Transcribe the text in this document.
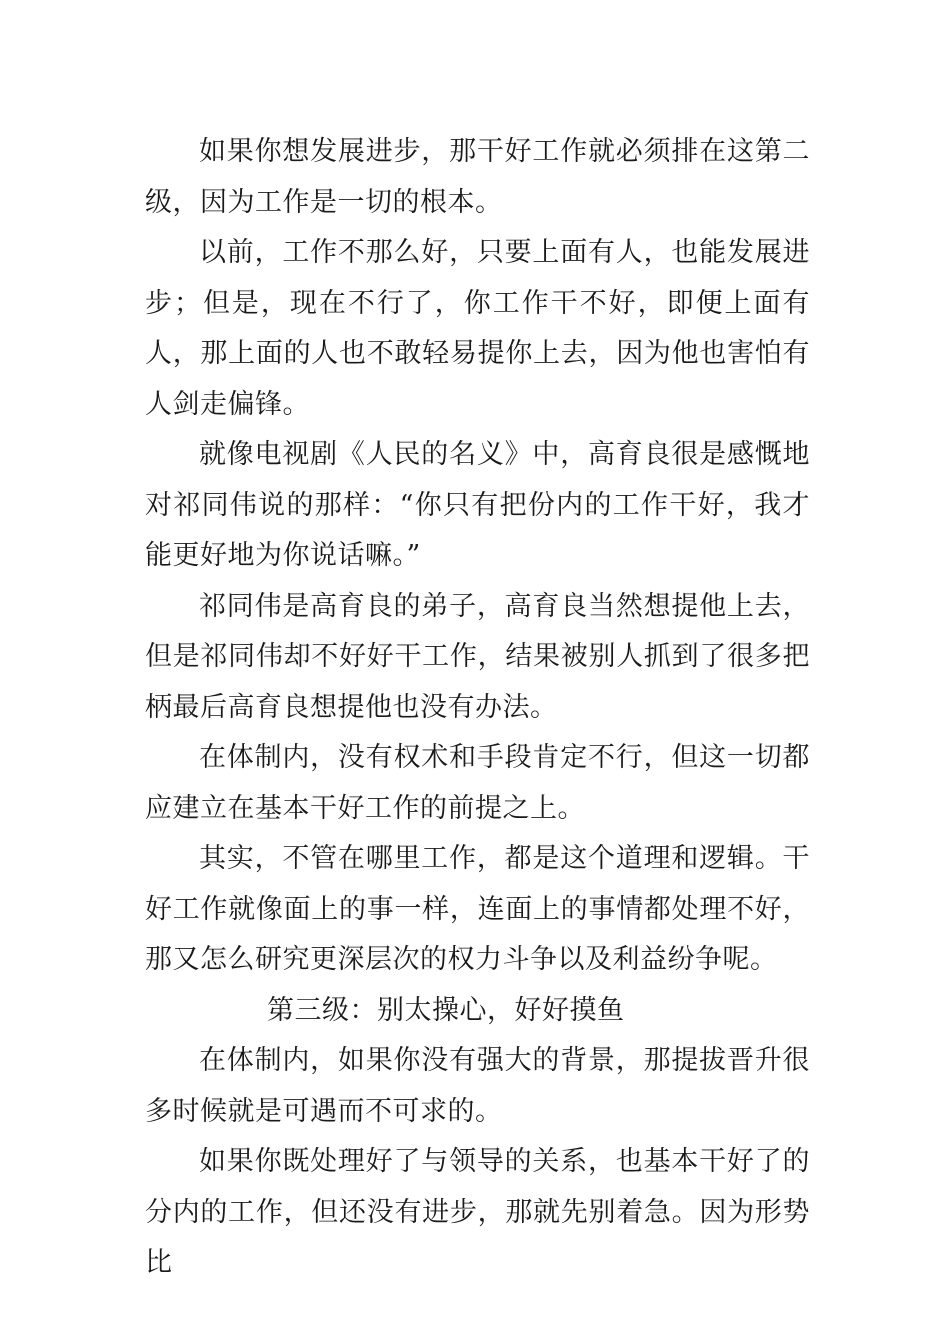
如果你想发展进步，那干好工作就必须排在这第二级，因为工作是一切的根本。

以前，工作不那么好，只要上面有人，也能发展进步；但是，现在不行了，你工作干不好，即便上面有人，那上面的人也不敢轻易提你上去，因为他也害怕有人剑走偏锋。

就像电视剧《人民的名义》中，高育良很是感慨地对祁同伟说的那样：“你只有把份内的工作干好，我才能更好地为你说话嘛。”

祁同伟是高育良的弟子，高育良当然想提他上去，但是祁同伟却不好好干工作，结果被别人抓到了很多把柄最后高育良想提他也没有办法。

在体制内，没有权术和手段肯定不行，但这一切都应建立在基本干好工作的前提之上。

其实，不管在哪里工作，都是这个道理和逻辑。干好工作就像面上的事一样，连面上的事情都处理不好，那又怎么研究更深层次的权力斗争以及利益纷争呢。

第三级：别太操心，好好摸鱼

在体制内，如果你没有强大的背景，那提拔晋升很多时候就是可遇而不可求的。

如果你既处理好了与领导的关系，也基本干好了的分内的工作，但还没有进步，那就先别着急。因为形势比
